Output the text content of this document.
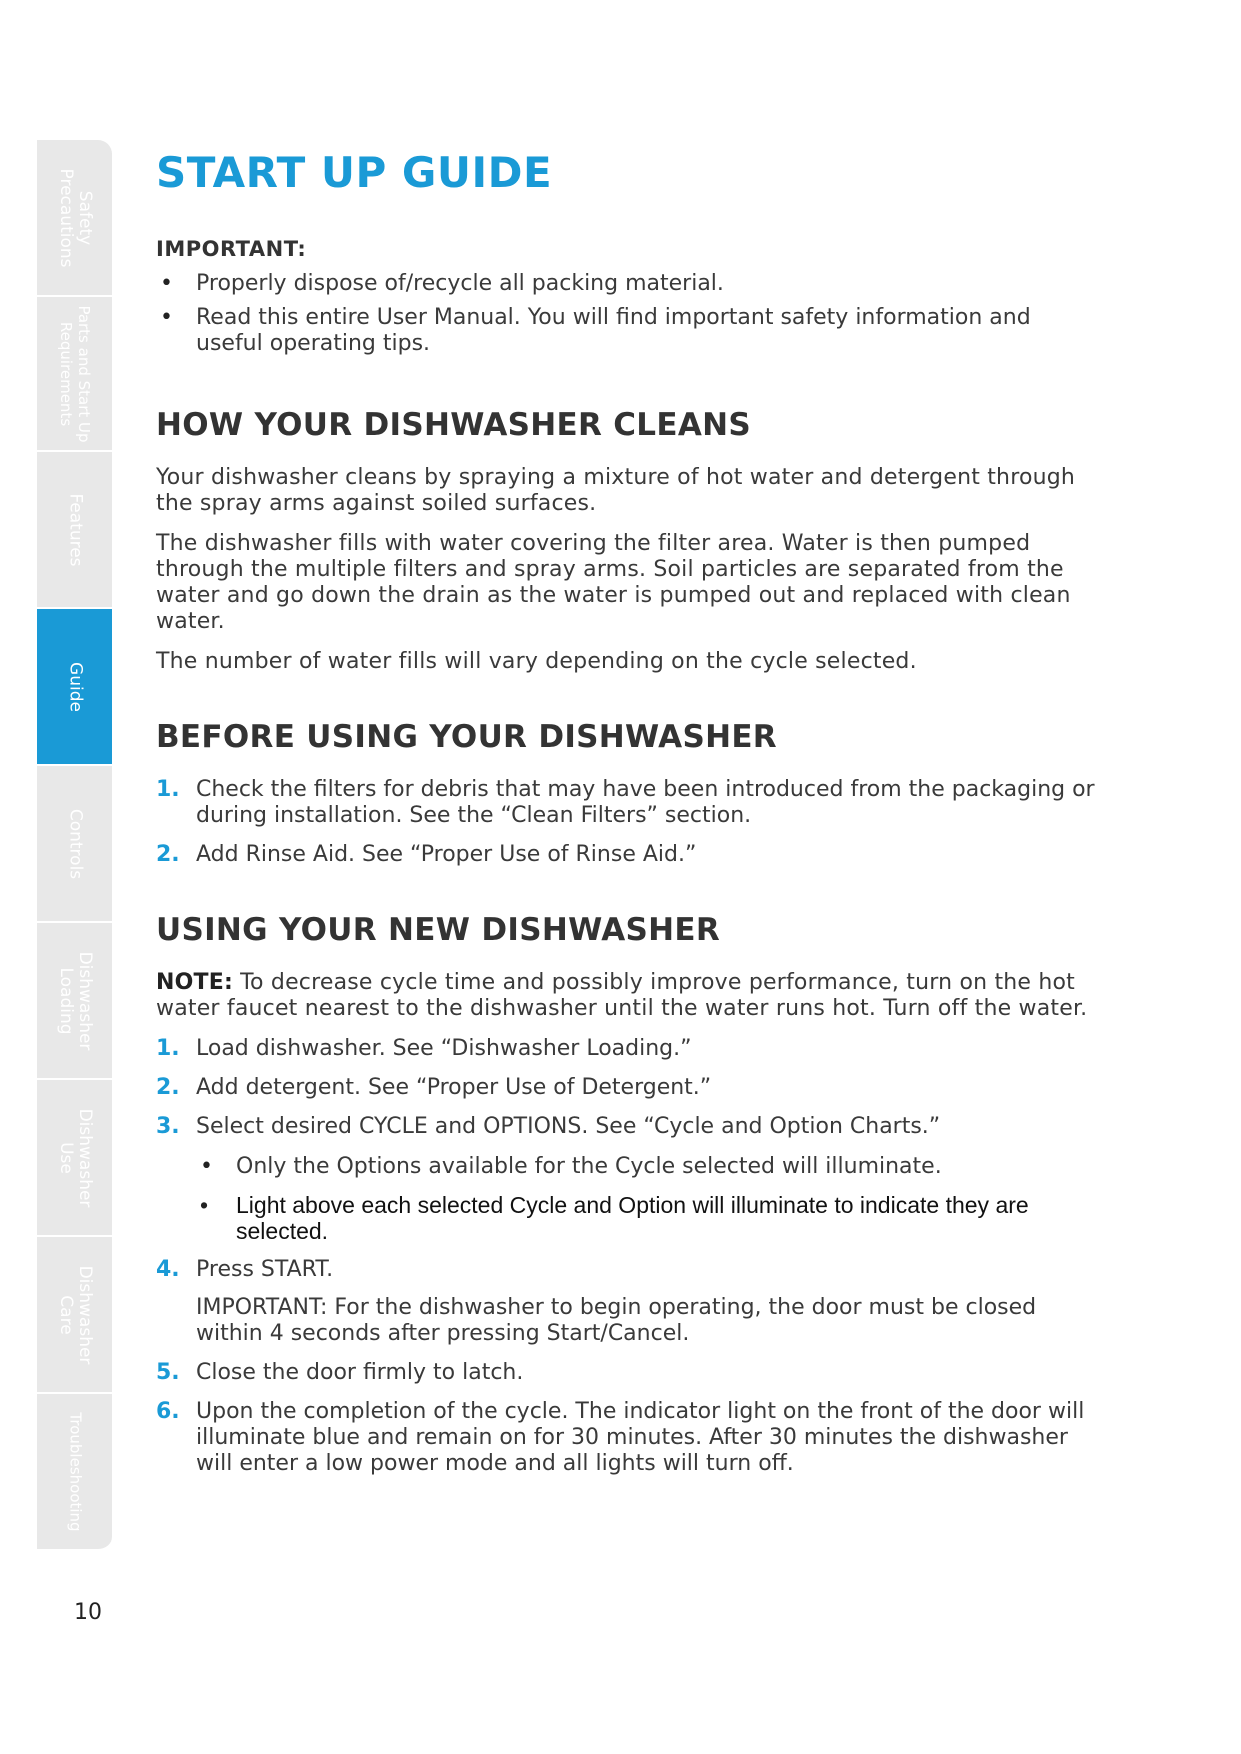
Safety
Precautions
Parts and Start Up
Requirements
Features
Guide
Controls
Dishwasher
Loading
Dishwasher
Use
Dishwasher
Care
Troubleshooting
10
START UP GUIDE
IMPORTANT:
• Properly dispose of/recycle all packing material.
• Read this entire User Manual. You will find important safety information and useful operating tips.
HOW YOUR DISHWASHER CLEANS

Your dishwasher cleans by spraying a mixture of hot water and detergent through the spray arms against soiled surfaces.

The dishwasher fills with water covering the filter area. Water is then pumped through the multiple filters and spray arms. Soil particles are separated from the water and go down the drain as the water is pumped out and replaced with clean water.

The number of water fills will vary depending on the cycle selected.

BEFORE USING YOUR DISHWASHER
1. Check the filters for debris that may have been introduced from the packaging or during installation. See the “Clean Filters” section.
2. Add Rinse Aid. See “Proper Use of Rinse Aid.”
USING YOUR NEW DISHWASHER

NOTE: To decrease cycle time and possibly improve performance, turn on the hot water faucet nearest to the dishwasher until the water runs hot. Turn off the water.

1. Load dishwasher. See “Dishwasher Loading.”
2. Add detergent. See “Proper Use of Detergent.”
3. Select desired CYCLE and OPTIONS. See “Cycle and Option Charts.”
• Only the Options available for the Cycle selected will illuminate.
• Light above each selected Cycle and Option will illuminate to indicate they are selected.
4. Press START.
IMPORTANT: For the dishwasher to begin operating, the door must be closed within 4 seconds after pressing Start/Cancel.
5. Close the door firmly to latch.
6. Upon the completion of the cycle. The indicator light on the front of the door will illuminate blue and remain on for 30 minutes. After 30 minutes the dishwasher will enter a low power mode and all lights will turn off.
